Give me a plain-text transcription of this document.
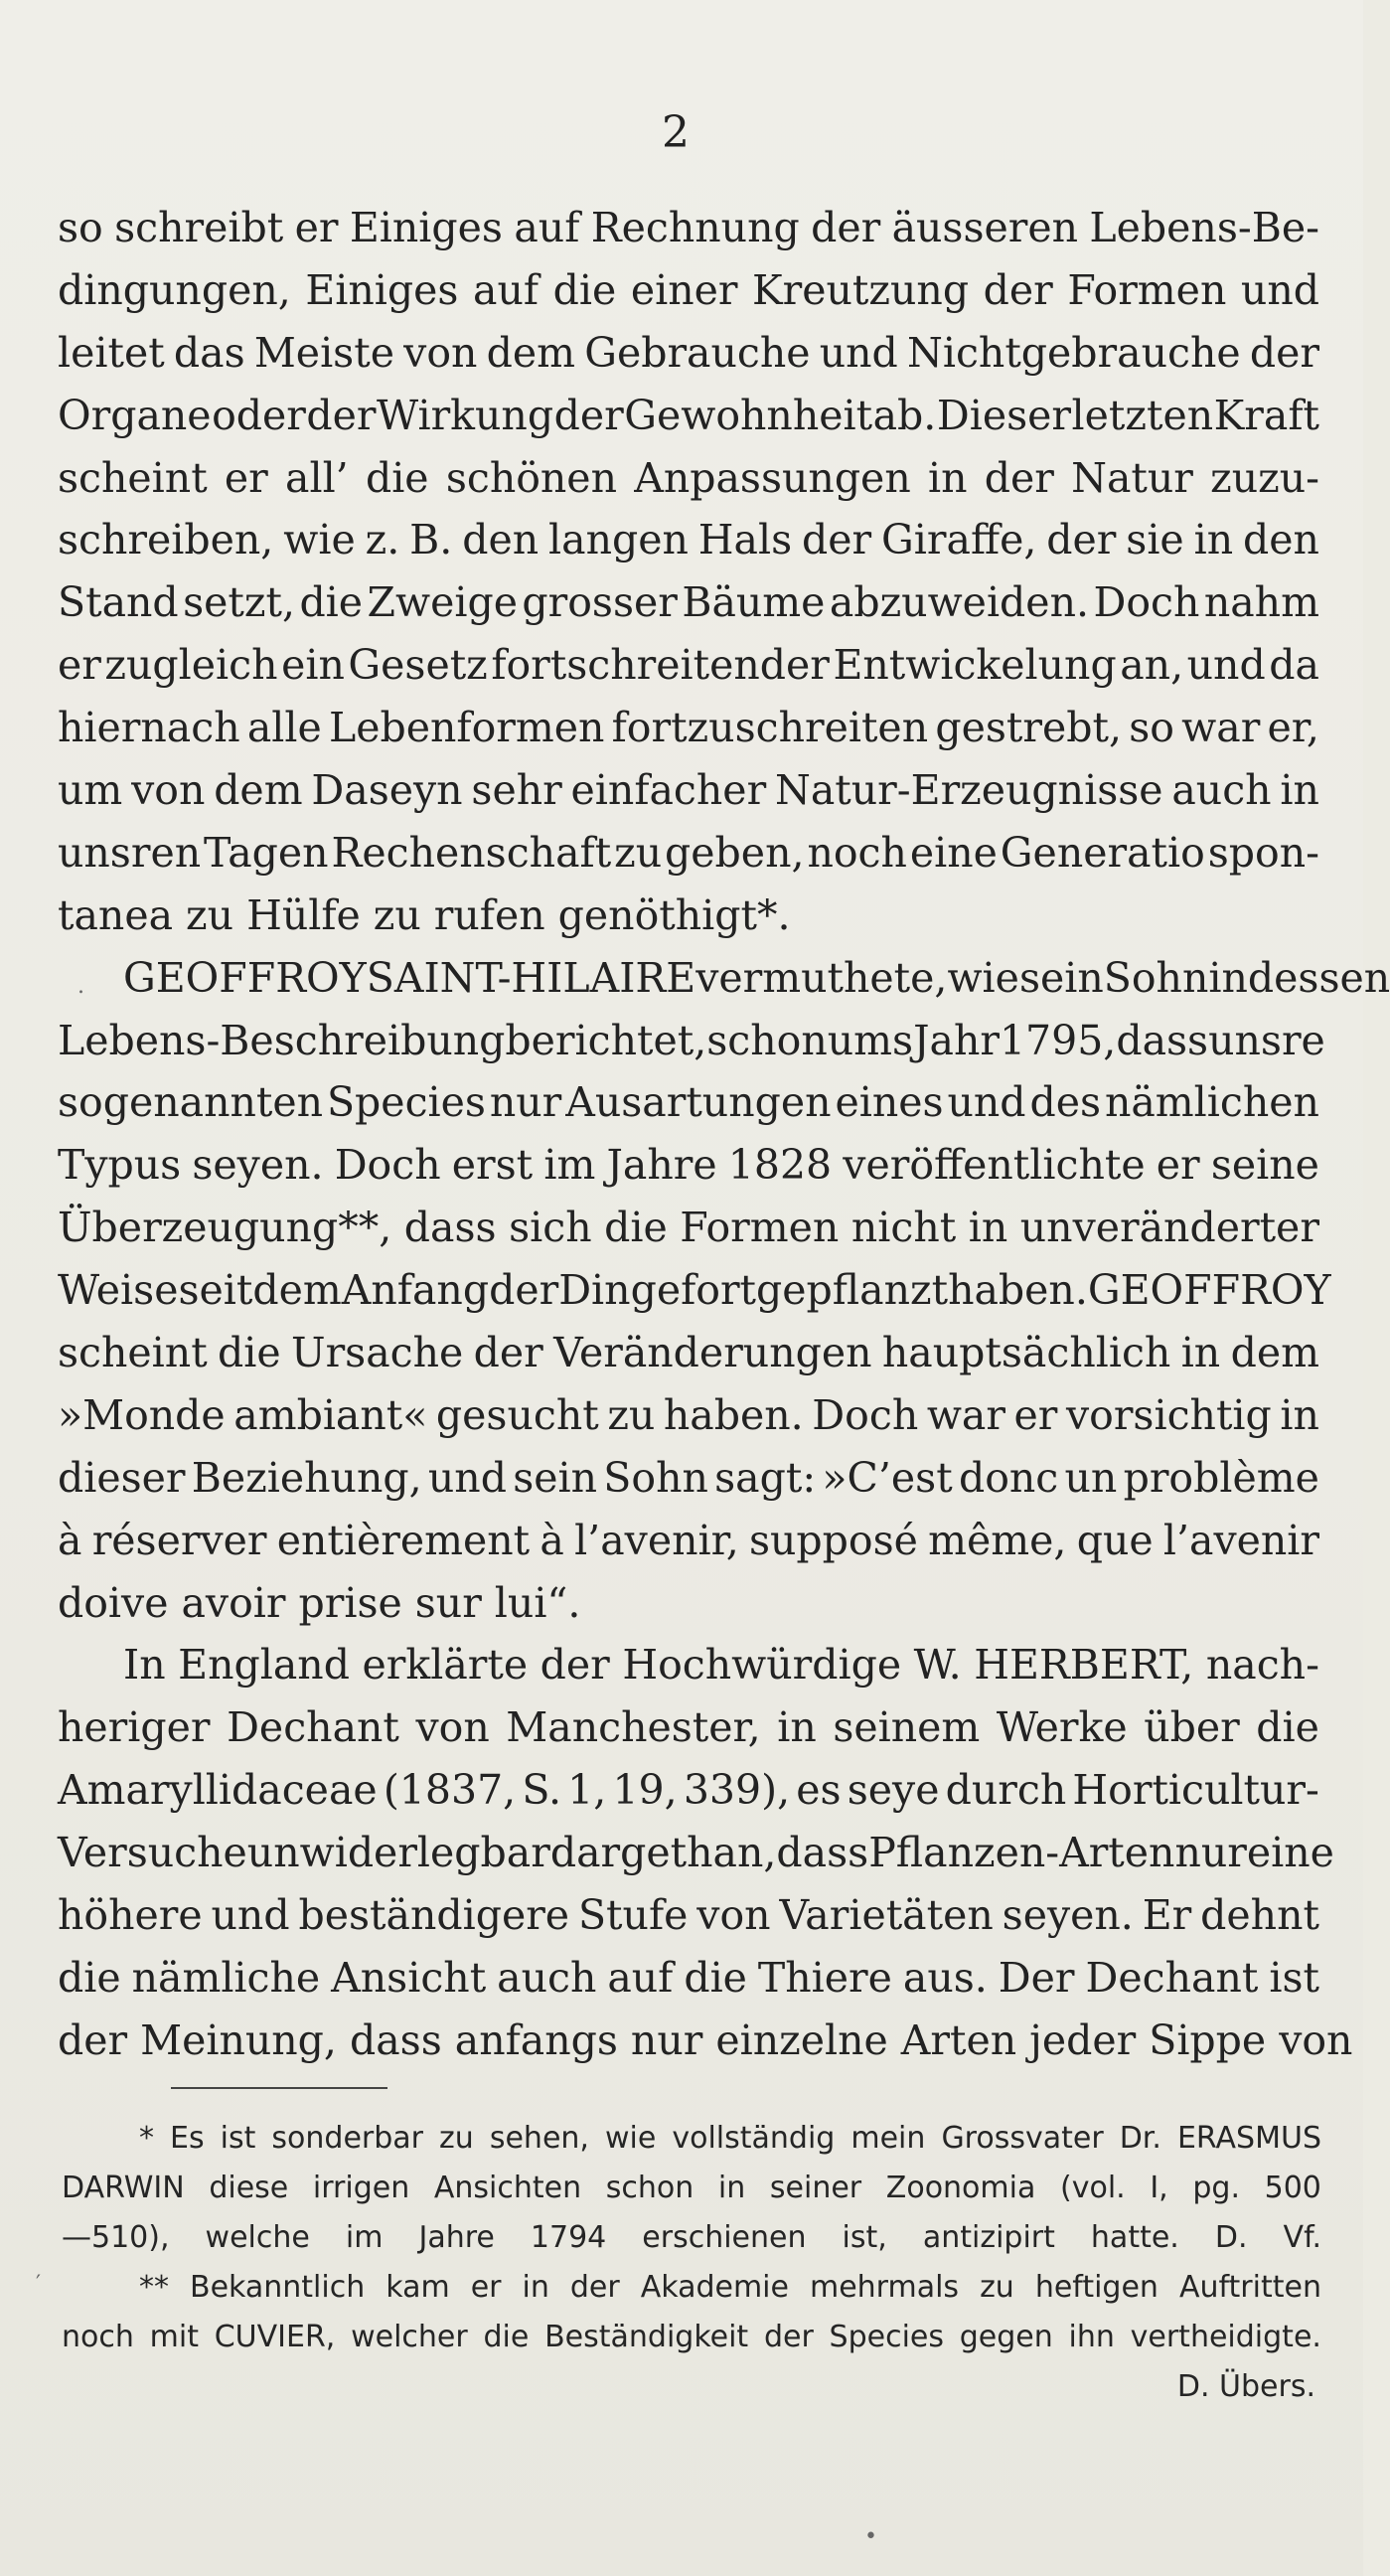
2
so schreibt er Einiges auf Rechnung der äusseren Lebens-Be-
dingungen, Einiges auf die einer Kreutzung der Formen und
leitet das Meiste von dem Gebrauche und Nichtgebrauche der
Organe oder der Wirkung der Gewohnheit ab. Dieser letzten Kraft
scheint er all’ die schönen Anpassungen in der Natur zuzu-
schreiben, wie z. B. den langen Hals der Giraffe, der sie in den
Stand setzt, die Zweige grosser Bäume abzuweiden. Doch nahm
er zugleich ein Gesetz fortschreitender Entwickelung an, und da
hiernach alle Lebenformen fortzuschreiten gestrebt, so war er,
um von dem Daseyn sehr einfacher Natur-Erzeugnisse auch in
unsren Tagen Rechenschaft zu geben, noch eine Generatio spon-
tanea zu Hülfe zu rufen genöthigt*.
GEOFFROY SAINT-HILAIRE vermuthete, wie sein Sohn in dessen
Lebens-Beschreibung berichtet, schon ums Jahr 1795, dass unsre
sogenannten Species nur Ausartungen eines und des nämlichen
Typus seyen. Doch erst im Jahre 1828 veröffentlichte er seine
Überzeugung**, dass sich die Formen nicht in unveränderter
Weise seit dem Anfang der Dinge fortgepflanzt haben. GEOFFROY
scheint die Ursache der Veränderungen hauptsächlich in dem
»Monde ambiant« gesucht zu haben. Doch war er vorsichtig in
dieser Beziehung, und sein Sohn sagt: »C’est donc un problème
à réserver entièrement à l’avenir, supposé même, que l’avenir
doive avoir prise sur lui“.
In England erklärte der Hochwürdige W. HERBERT, nach-
heriger Dechant von Manchester, in seinem Werke über die
Amaryllidaceae (1837, S. 1, 19, 339), es seye durch Horticultur-
Versuche unwiderlegbar dargethan, dass Pflanzen-Arten nur eine
höhere und beständigere Stufe von Varietäten seyen. Er dehnt
die nämliche Ansicht auch auf die Thiere aus. Der Dechant ist
der Meinung, dass anfangs nur einzelne Arten jeder Sippe von
* Es ist sonderbar zu sehen, wie vollständig mein Grossvater Dr. ERASMUS
DARWIN diese irrigen Ansichten schon in seiner Zoonomia (vol. I, pg. 500
—510), welche im Jahre 1794 erschienen ist, antizipirt hatte. D. Vf.
** Bekanntlich kam er in der Akademie mehrmals zu heftigen Auftritten
noch mit CUVIER, welcher die Beständigkeit der Species gegen ihn vertheidigte.
D. Übers.
.
′
•
